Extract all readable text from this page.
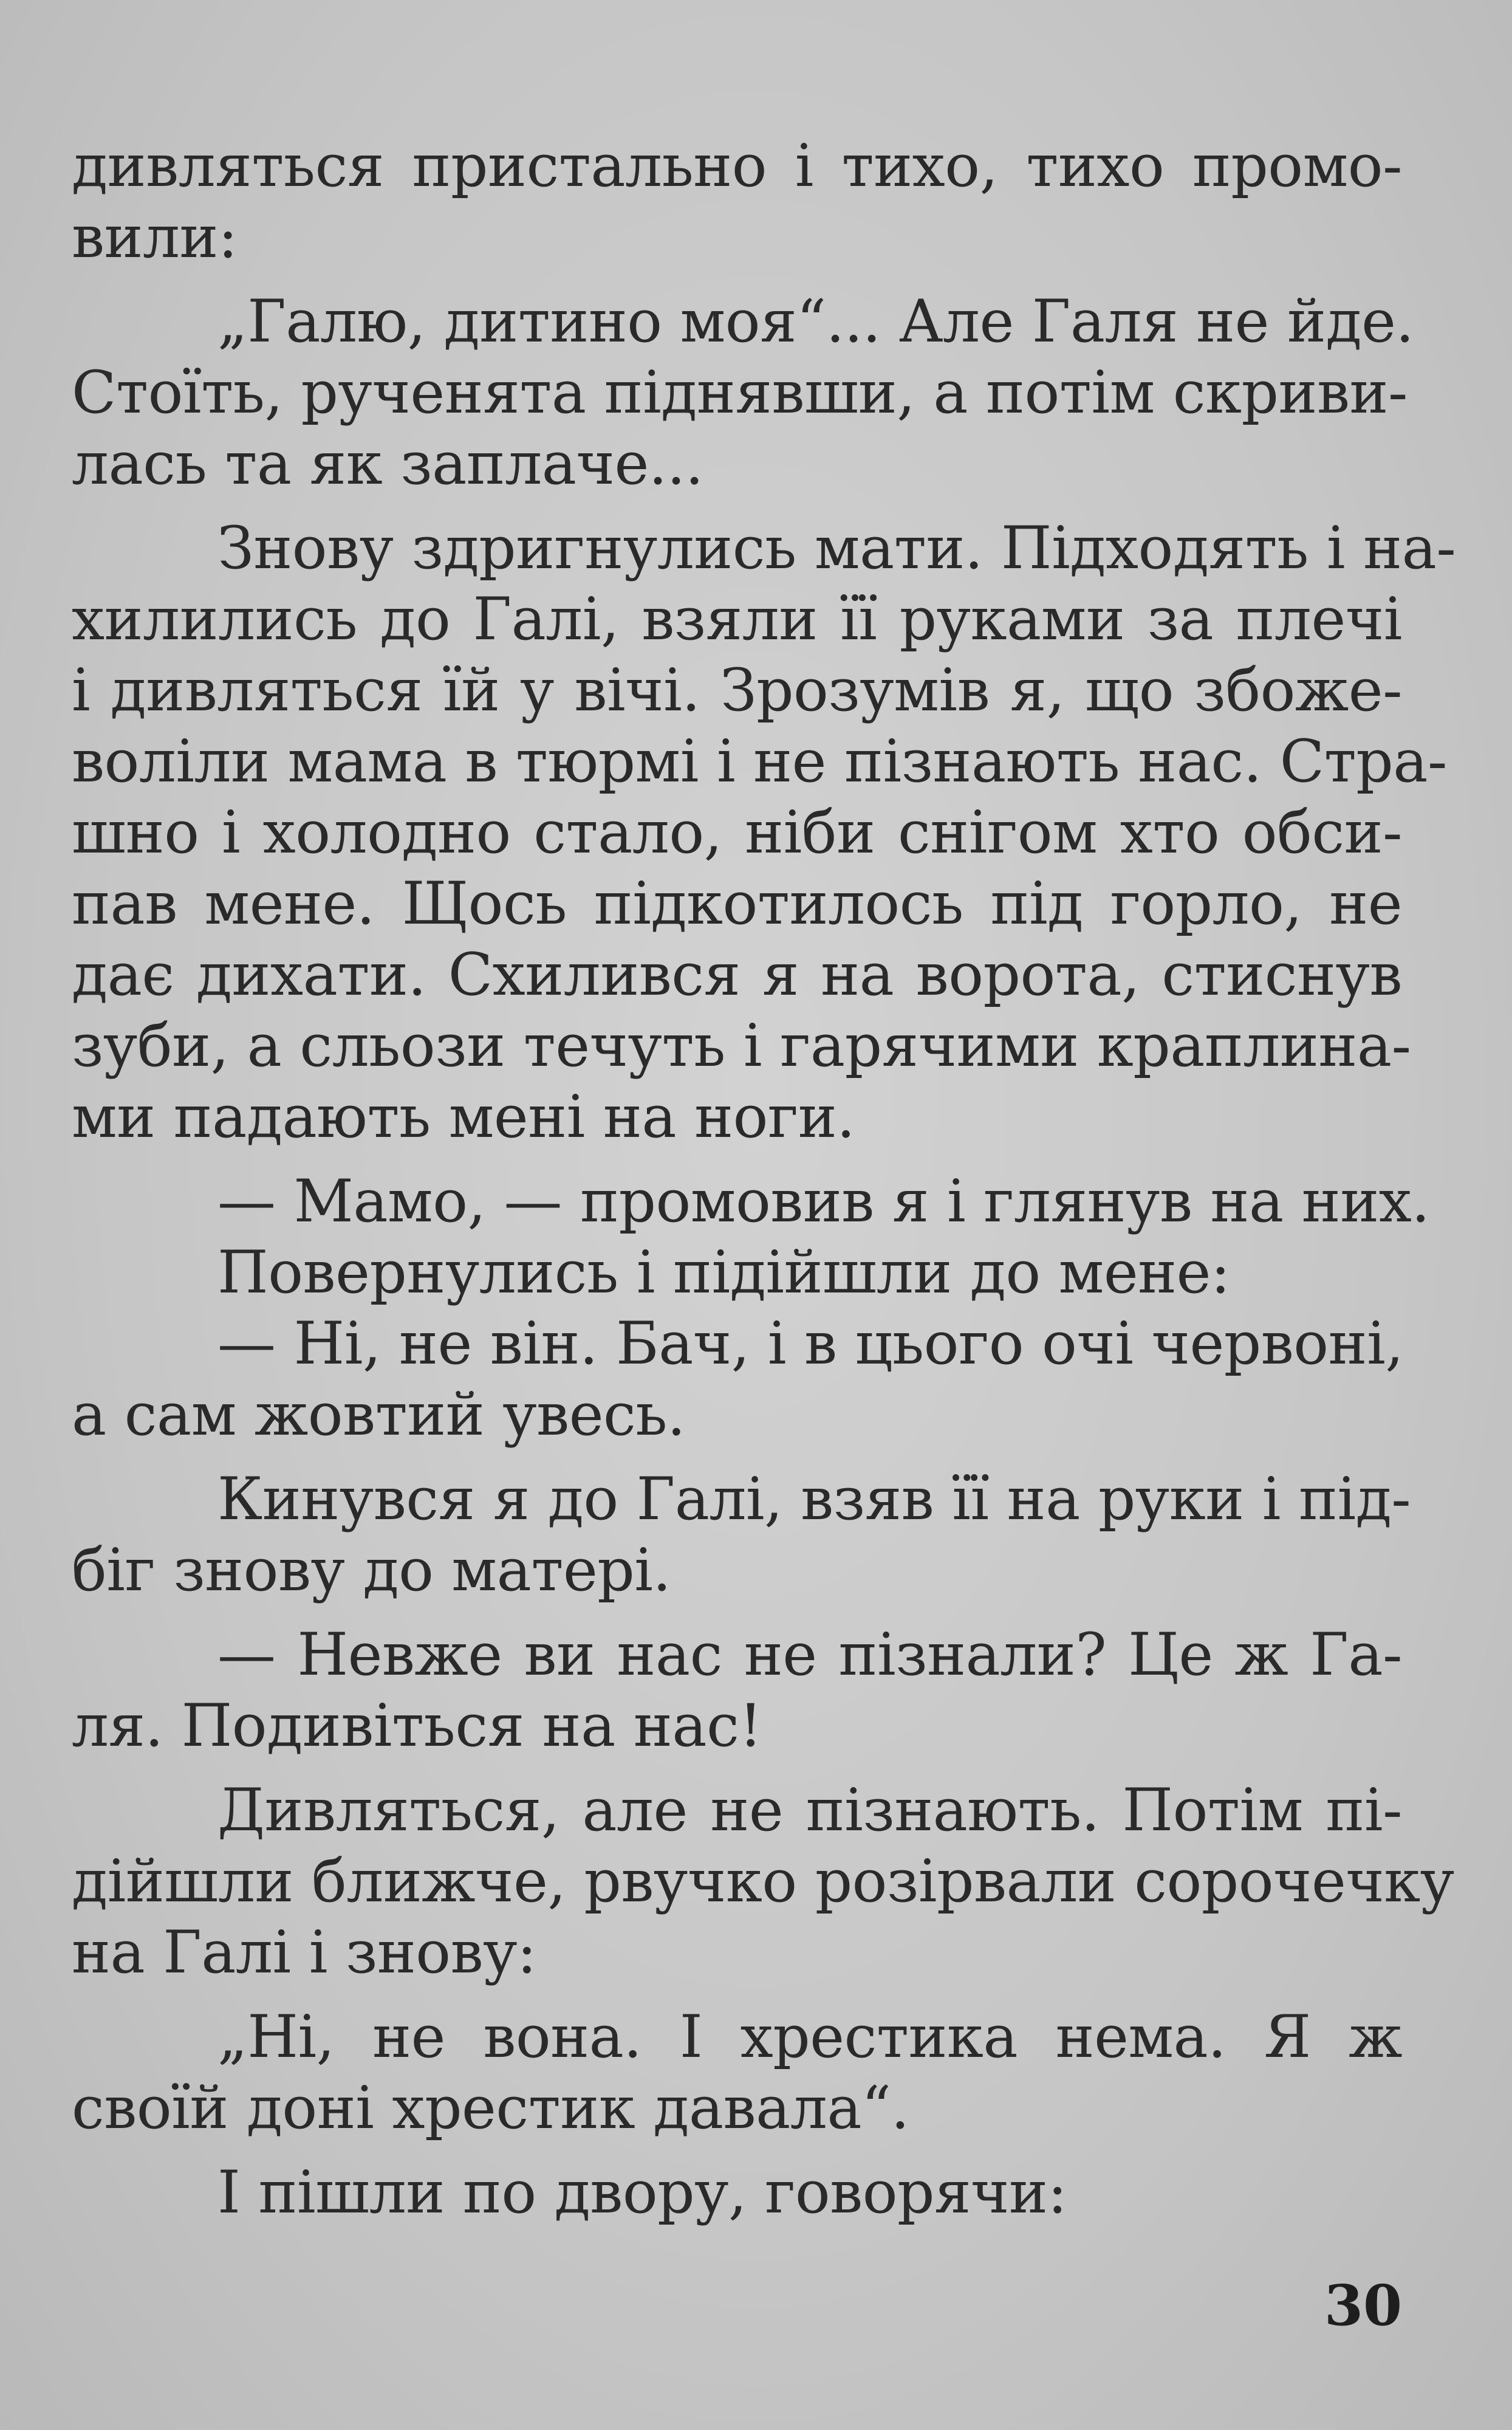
дивляться пристально і тихо, тихо промо-
вили:
„Галю, дитино моя“... Але Галя не йде.
Стоїть, рученята піднявши, а потім скриви-
лась та як заплаче...
Знову здригнулись мати. Підходять і на-
хилились до Галі, взяли її руками за плечі
і дивляться їй у вічі. Зрозумів я, що збоже-
воліли мама в тюрмі і не пізнають нас. Стра-
шно і холодно стало, ніби снігом хто обси-
пав мене. Щось підкотилось під горло, не
дає дихати. Схилився я на ворота, стиснув
зуби, а сльози течуть і гарячими краплина-
ми падають мені на ноги.
— Мамо, — промовив я і глянув на них.
Повернулись і підійшли до мене:
— Ні, не він. Бач, і в цього очі червоні,
а сам жовтий увесь.
Кинувся я до Галі, взяв її на руки і під-
біг знову до матері.
— Невже ви нас не пізнали? Це ж Га-
ля. Подивіться на нас!
Дивляться, але не пізнають. Потім пі-
дійшли ближче, рвучко розірвали сорочечку
на Галі і знову:
„Ні, не вона. І хрестика нема. Я ж
своїй доні хрестик давала“.
І пішли по двору, говорячи:
30
